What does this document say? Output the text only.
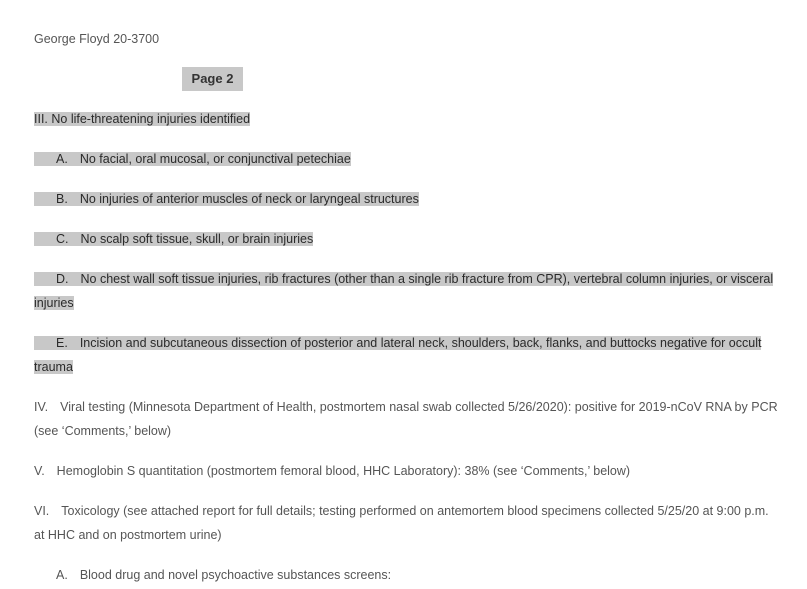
George Floyd 20-3700
Page 2
III. No life-threatening injuries identified
A. No facial, oral mucosal, or conjunctival petechiae
B. No injuries of anterior muscles of neck or laryngeal structures
C. No scalp soft tissue, skull, or brain injuries
D. No chest wall soft tissue injuries, rib fractures (other than a single rib fracture from CPR), vertebral column injuries, or visceral injuries
E. Incision and subcutaneous dissection of posterior and lateral neck, shoulders, back, flanks, and buttocks negative for occult trauma
IV. Viral testing (Minnesota Department of Health, postmortem nasal swab collected 5/26/2020): positive for 2019-nCoV RNA by PCR (see ‘Comments,’ below)
V. Hemoglobin S quantitation (postmortem femoral blood, HHC Laboratory): 38% (see ‘Comments,’ below)
VI. Toxicology (see attached report for full details; testing performed on antemortem blood specimens collected 5/25/20 at 9:00 p.m. at HHC and on postmortem urine)
A. Blood drug and novel psychoactive substances screens:
